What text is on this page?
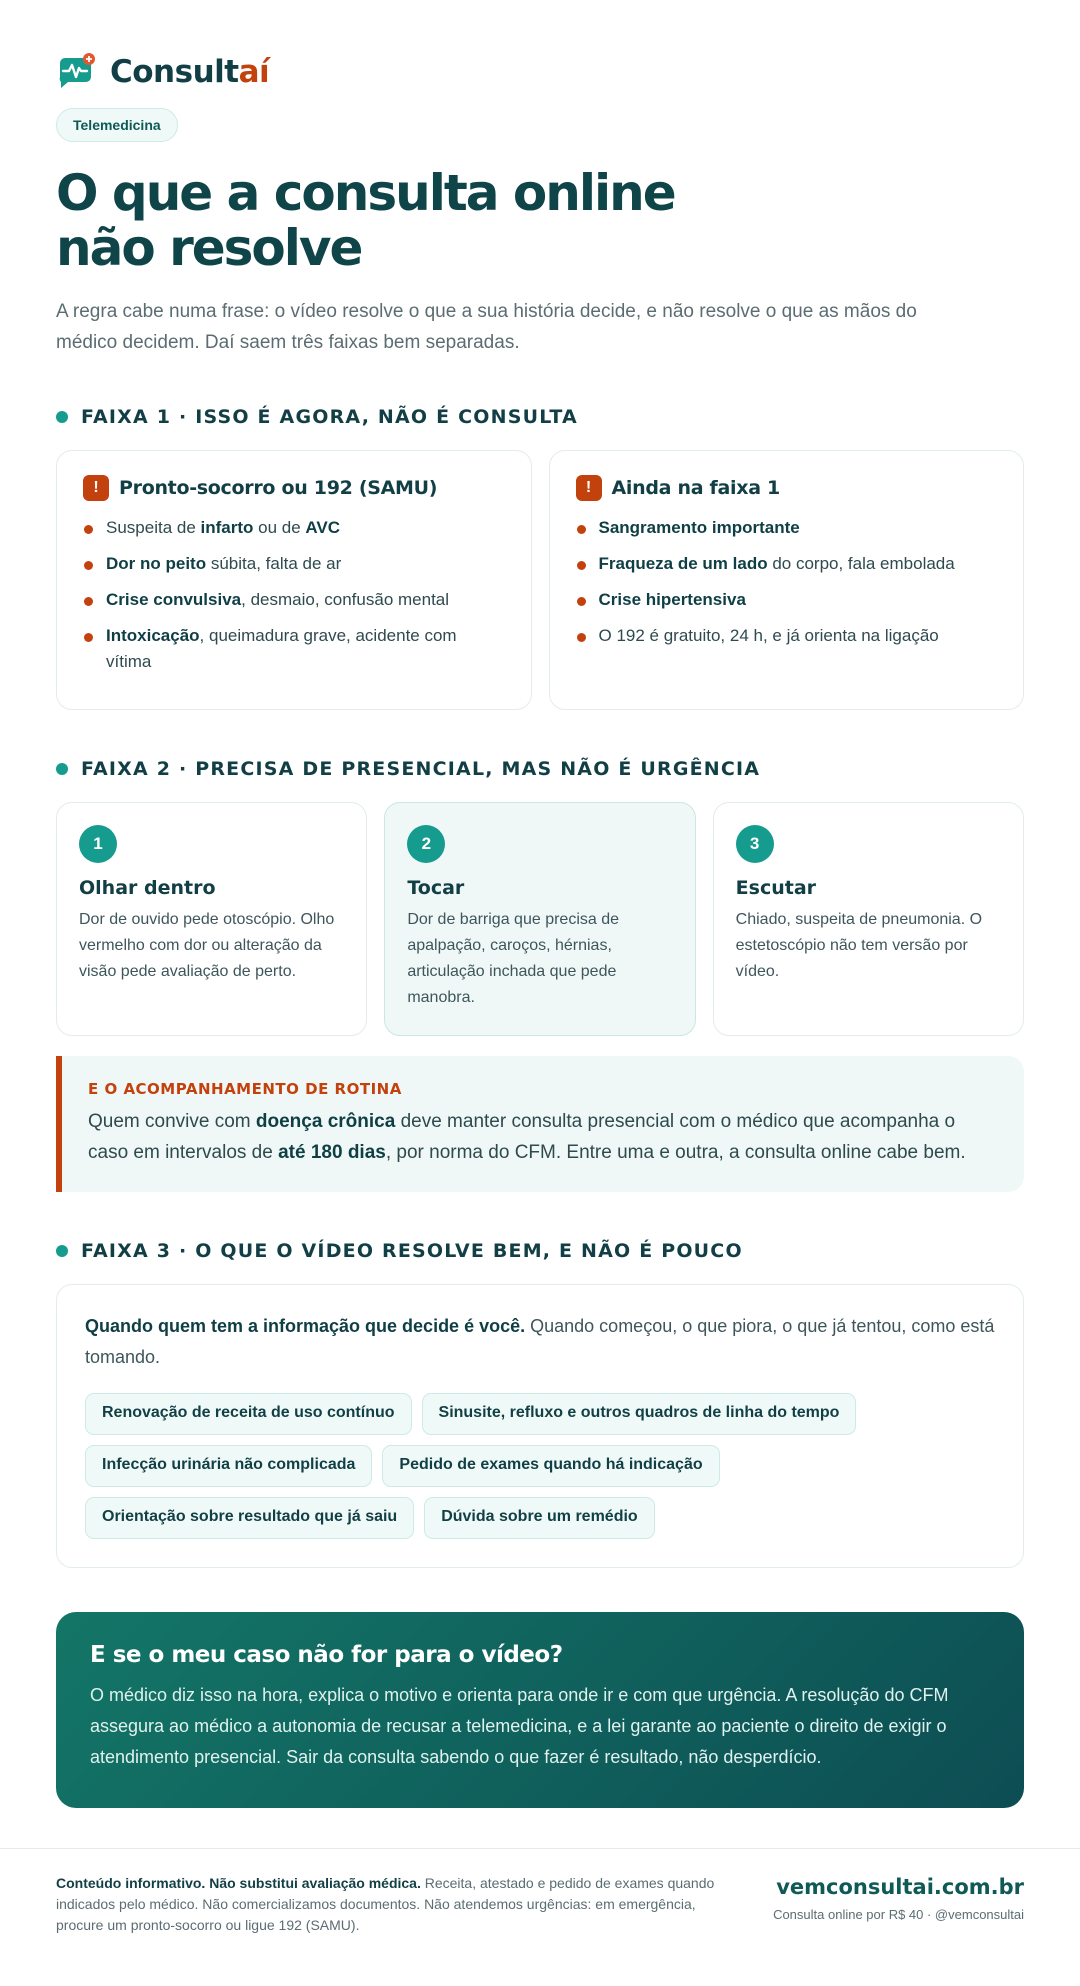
Consultaí
Telemedicina
O que a consulta online
não resolve

A regra cabe numa frase: o vídeo resolve o que a sua história decide, e não resolve o que as mãos do médico decidem. Daí saem três faixas bem separadas.

FAIXA 1 · ISSO É AGORA, NÃO É CONSULTA
!	Pronto-socorro ou 192 (SAMU)
Suspeita de infarto ou de AVC
Dor no peito súbita, falta de ar
Crise convulsiva, desmaio, confusão mental
Intoxicação, queimadura grave, acidente com vítima
!	Ainda na faixa 1
Sangramento importante
Fraqueza de um lado do corpo, fala embolada
Crise hipertensiva
O 192 é gratuito, 24 h, e já orienta na ligação
FAIXA 2 · PRECISA DE PRESENCIAL, MAS NÃO É URGÊNCIA
1
Olhar dentro
Dor de ouvido pede otoscópio. Olho vermelho com dor ou alteração da visão pede avaliação de perto.
2
Tocar
Dor de barriga que precisa de apalpação, caroços, hérnias, articulação inchada que pede manobra.
3
Escutar
Chiado, suspeita de pneumonia. O estetoscópio não tem versão por vídeo.
E O ACOMPANHAMENTO DE ROTINA

Quem convive com doença crônica deve manter consulta presencial com o médico que acompanha o caso em intervalos de até 180 dias, por norma do CFM. Entre uma e outra, a consulta online cabe bem.

FAIXA 3 · O QUE O VÍDEO RESOLVE BEM, E NÃO É POUCO

Quando quem tem a informação que decide é você. Quando começou, o que piora, o que já tentou, como está tomando.

Renovação de receita de uso contínuo	Sinusite, refluxo e outros quadros de linha do tempo
Infecção urinária não complicada	Pedido de exames quando há indicação
Orientação sobre resultado que já saiu	Dúvida sobre um remédio
E se o meu caso não for para o vídeo?

O médico diz isso na hora, explica o motivo e orienta para onde ir e com que urgência. A resolução do CFM assegura ao médico a autonomia de recusar a telemedicina, e a lei garante ao paciente o direito de exigir o atendimento presencial. Sair da consulta sabendo o que fazer é resultado, não desperdício.

Conteúdo informativo. Não substitui avaliação médica. Receita, atestado e pedido de exames quando indicados pelo médico. Não comercializamos documentos. Não atendemos urgências: em emergência, procure um pronto-socorro ou ligue 192 (SAMU).

vemconsultai.com.br
Consulta online por R$ 40 · @vemconsultai
